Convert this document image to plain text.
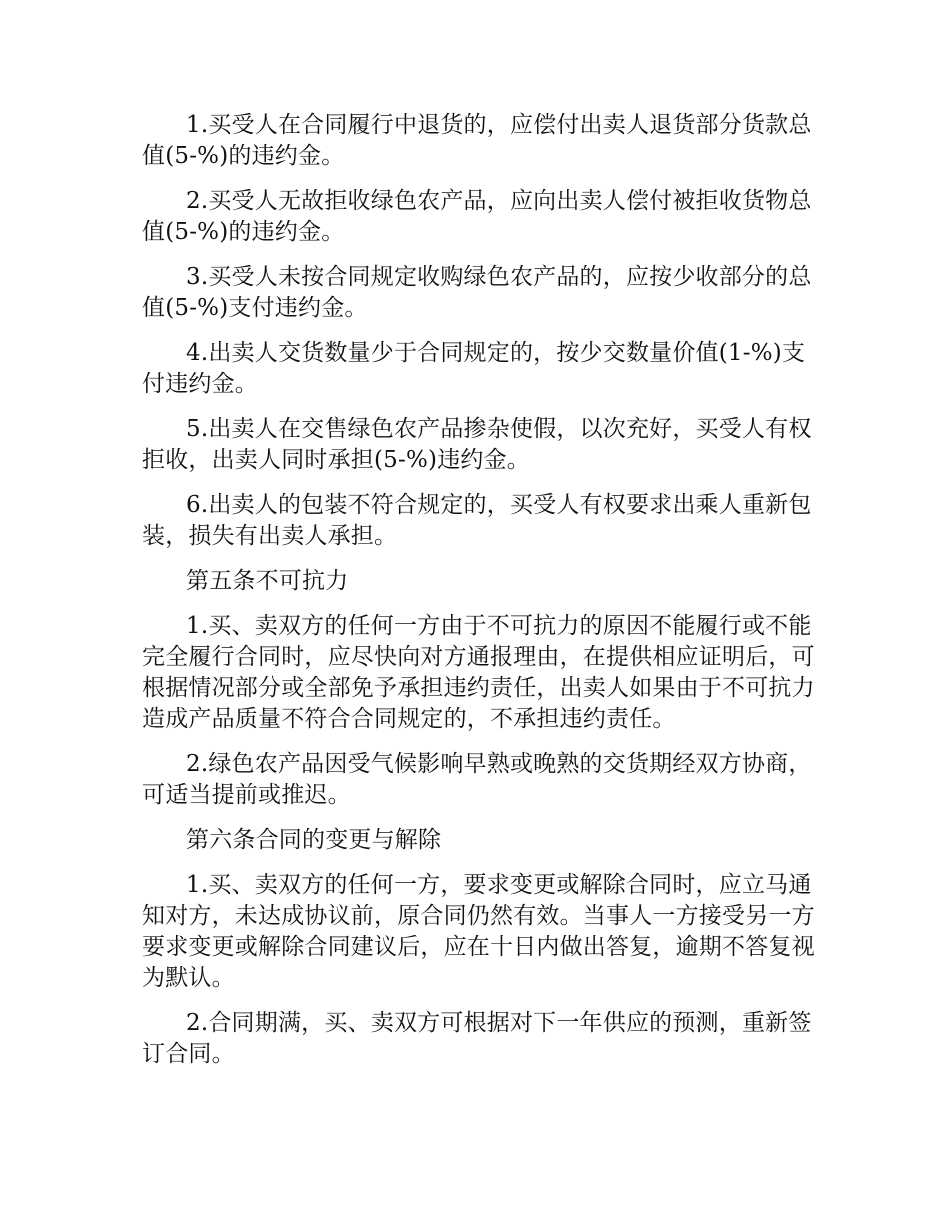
1.买受人在合同履行中退货的，应偿付出卖人退货部分货款总值(5-%)的违约金。

2.买受人无故拒收绿色农产品，应向出卖人偿付被拒收货物总值(5-%)的违约金。

3.买受人未按合同规定收购绿色农产品的，应按少收部分的总值(5-%)支付违约金。

4.出卖人交货数量少于合同规定的，按少交数量价值(1-%)支付违约金。

5.出卖人在交售绿色农产品掺杂使假，以次充好，买受人有权拒收，出卖人同时承担(5-%)违约金。

6.出卖人的包装不符合规定的，买受人有权要求出乘人重新包装，损失有出卖人承担。

第五条不可抗力

1.买、卖双方的任何一方由于不可抗力的原因不能履行或不能完全履行合同时，应尽快向对方通报理由，在提供相应证明后，可根据情况部分或全部免予承担违约责任，出卖人如果由于不可抗力造成产品质量不符合合同规定的，不承担违约责任。

2.绿色农产品因受气候影响早熟或晚熟的交货期经双方协商，可适当提前或推迟。

第六条合同的变更与解除

1.买、卖双方的任何一方，要求变更或解除合同时，应立马通知对方，未达成协议前，原合同仍然有效。当事人一方接受另一方要求变更或解除合同建议后，应在十日内做出答复，逾期不答复视为默认。

2.合同期满，买、卖双方可根据对下一年供应的预测，重新签订合同。
